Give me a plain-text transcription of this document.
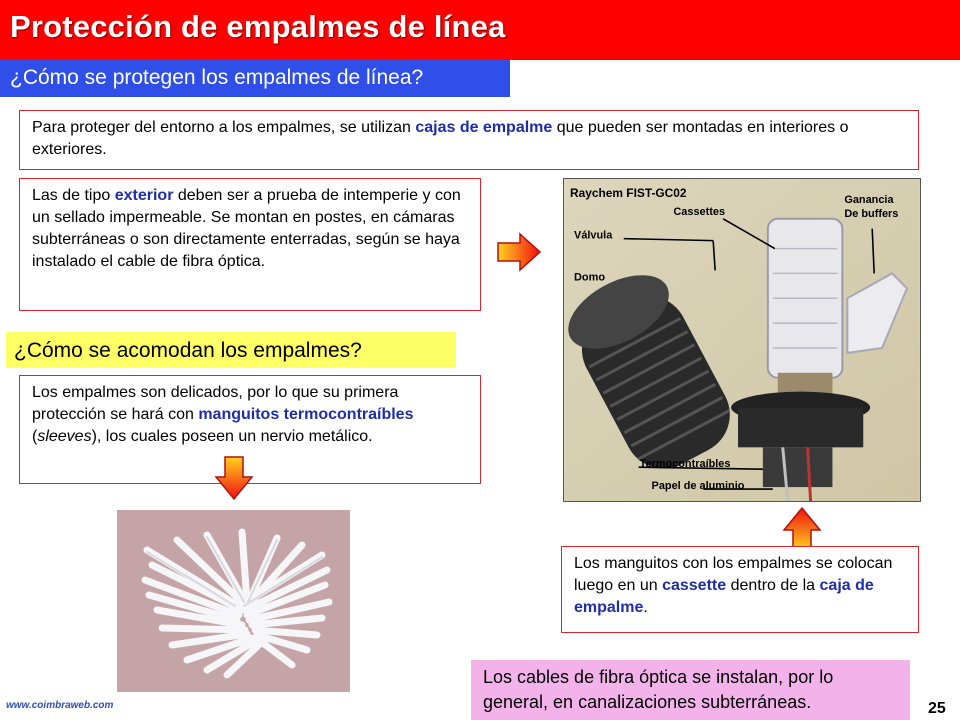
Protección de empalmes de línea
¿Cómo se protegen los empalmes de línea?
Para proteger del entorno a los empalmes, se utilizan cajas de empalme que pueden ser montadas en interiores o exteriores.
Las de tipo exterior deben ser a prueba de intemperie y con un sellado impermeable. Se montan en postes, en cámaras subterráneas o son directamente enterradas, según se haya instalado el cable de fibra óptica.
¿Cómo se acomodan los empalmes?
Los empalmes son delicados, por lo que su primera protección se hará con manguitos termocontraíbles (sleeves), los cuales poseen un nervio metálico.
Raychem FIST-GC02
Cassettes
Ganancia
De buffers
Válvula
Domo
Termocontraíbles
Papel de aluminio
Los manguitos con los empalmes se colocan luego en un cassette dentro de la caja de empalme.
Los cables de fibra óptica se instalan, por lo general, en canalizaciones subterráneas.
www.coimbraweb.com	25
